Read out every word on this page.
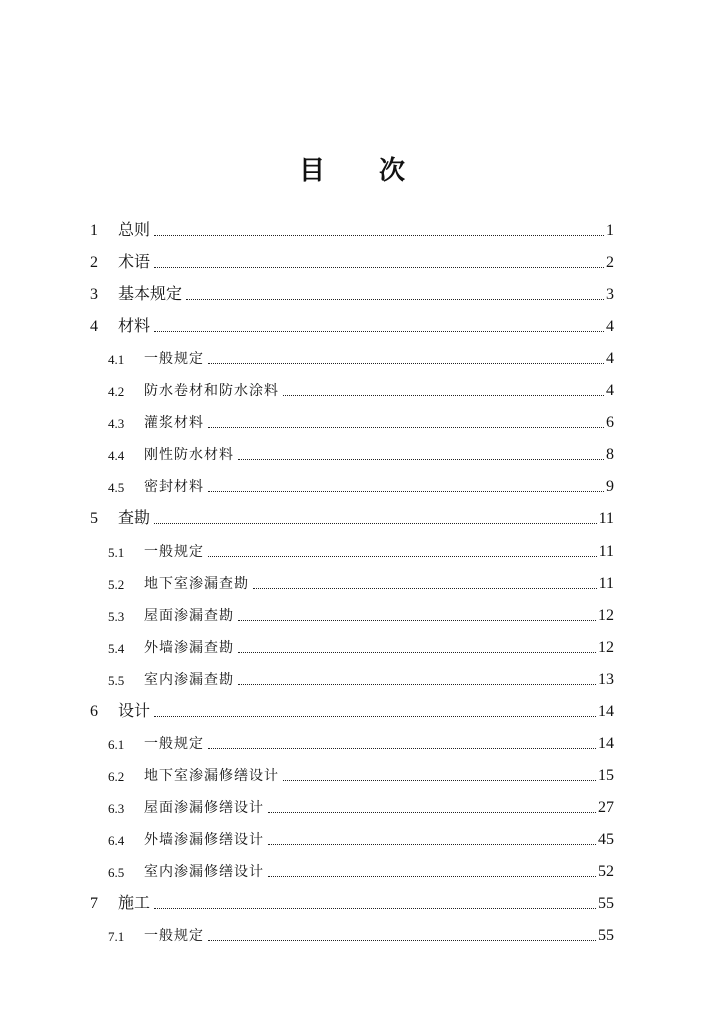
目 次
1	总则	1
2	术语	2
3	基本规定	3
4	材料	4
4.1	一般规定	4
4.2	防水卷材和防水涂料	4
4.3	灌浆材料	6
4.4	刚性防水材料	8
4.5	密封材料	9
5	查勘	11
5.1	一般规定	11
5.2	地下室渗漏查勘	11
5.3	屋面渗漏查勘	12
5.4	外墙渗漏查勘	12
5.5	室内渗漏查勘	13
6	设计	14
6.1	一般规定	14
6.2	地下室渗漏修缮设计	15
6.3	屋面渗漏修缮设计	27
6.4	外墙渗漏修缮设计	45
6.5	室内渗漏修缮设计	52
7	施工	55
7.1	一般规定	55
